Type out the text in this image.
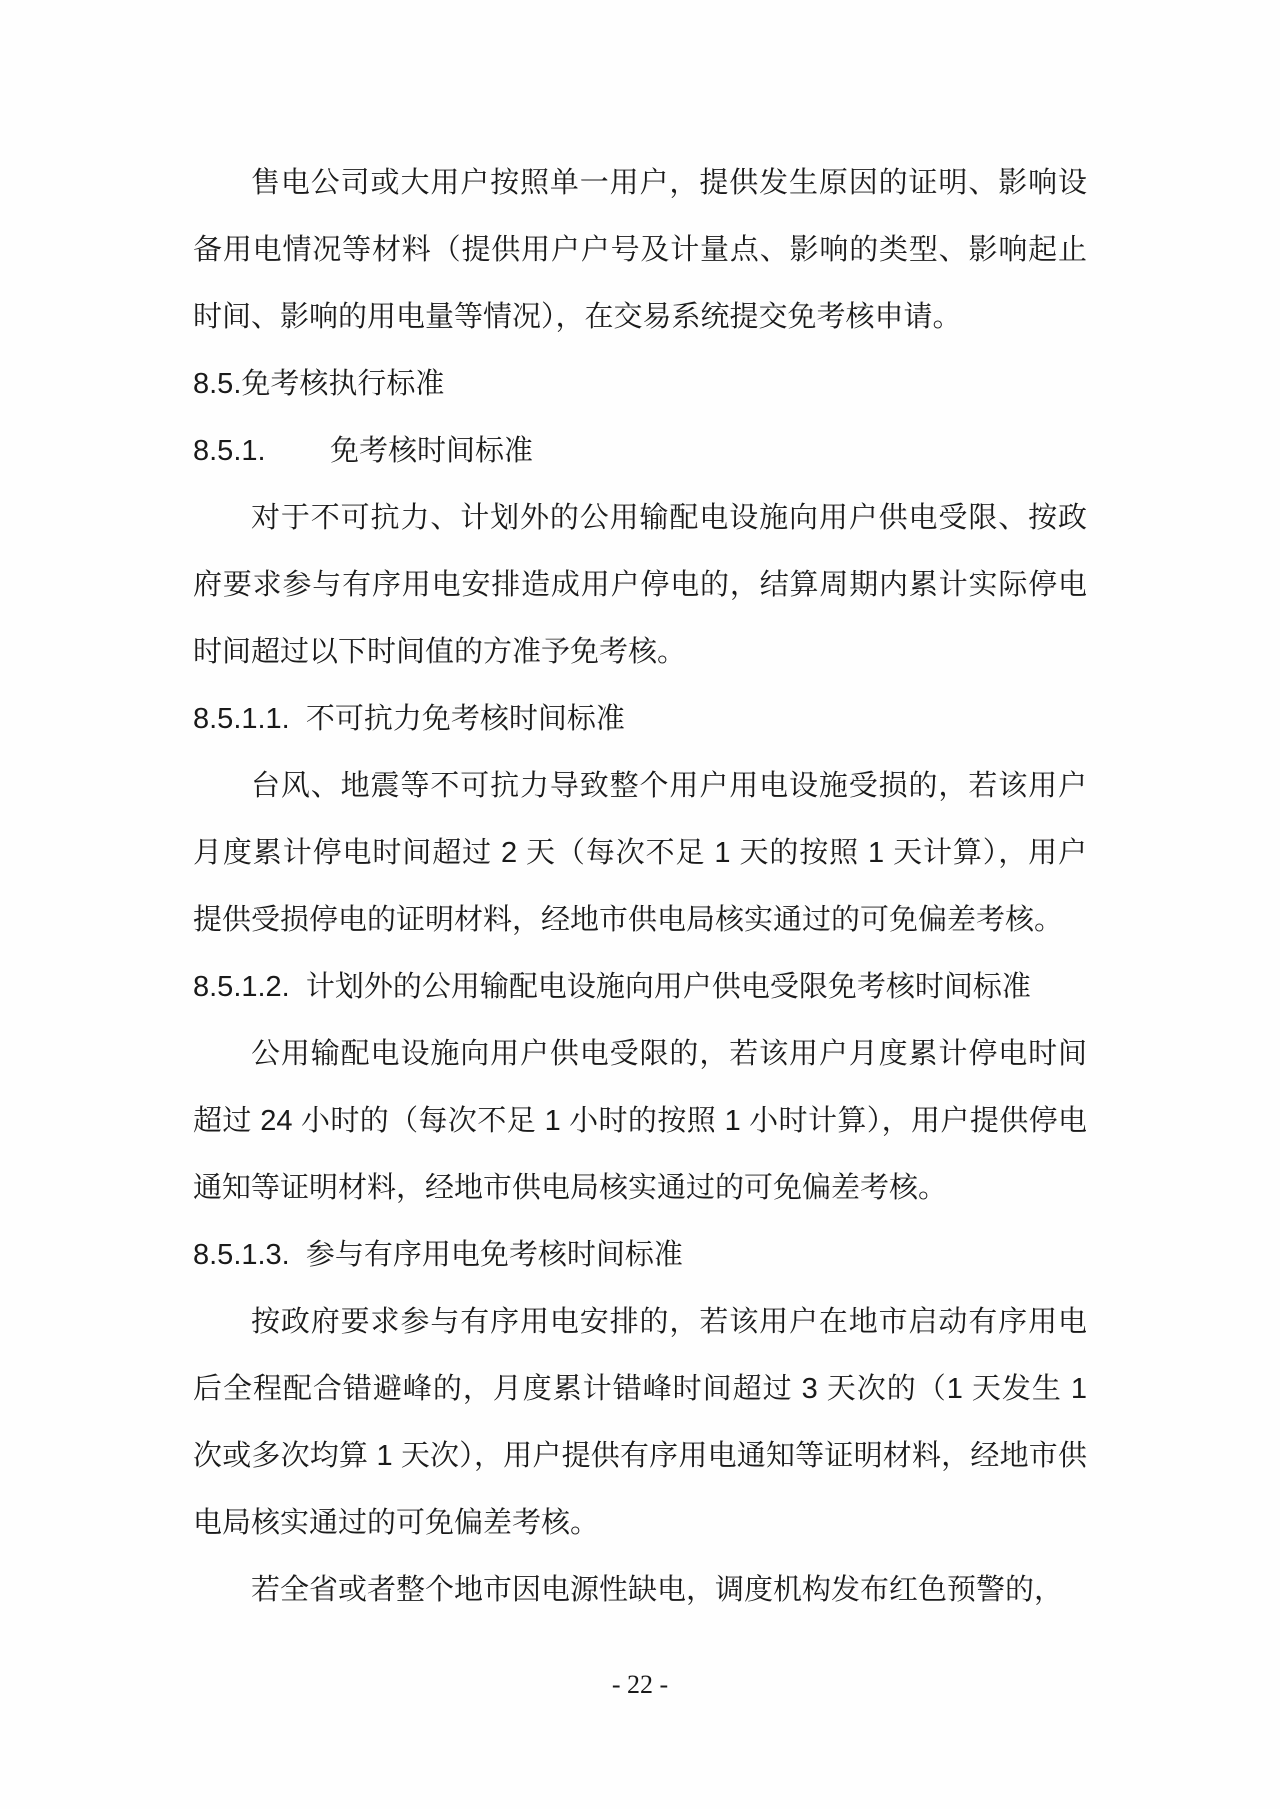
售电公司或大用户按照单一用户，提供发生原因的证明、影响设备用电情况等材料（提供用户户号及计量点、影响的类型、影响起止时间、影响的用电量等情况），在交易系统提交免考核申请。

8.5.免考核执行标准

8.5.1.        免考核时间标准

对于不可抗力、计划外的公用输配电设施向用户供电受限、按政府要求参与有序用电安排造成用户停电的，结算周期内累计实际停电时间超过以下时间值的方准予免考核。

8.5.1.1.  不可抗力免考核时间标准

台风、地震等不可抗力导致整个用户用电设施受损的，若该用户月度累计停电时间超过 2 天（每次不足 1 天的按照 1 天计算），用户提供受损停电的证明材料，经地市供电局核实通过的可免偏差考核。

8.5.1.2.  计划外的公用输配电设施向用户供电受限免考核时间标准

公用输配电设施向用户供电受限的，若该用户月度累计停电时间超过 24 小时的（每次不足 1 小时的按照 1 小时计算），用户提供停电通知等证明材料，经地市供电局核实通过的可免偏差考核。

8.5.1.3.  参与有序用电免考核时间标准

按政府要求参与有序用电安排的，若该用户在地市启动有序用电后全程配合错避峰的，月度累计错峰时间超过 3 天次的（1 天发生 1 次或多次均算 1 天次），用户提供有序用电通知等证明材料，经地市供电局核实通过的可免偏差考核。

若全省或者整个地市因电源性缺电，调度机构发布红色预警的，

- 22 -
